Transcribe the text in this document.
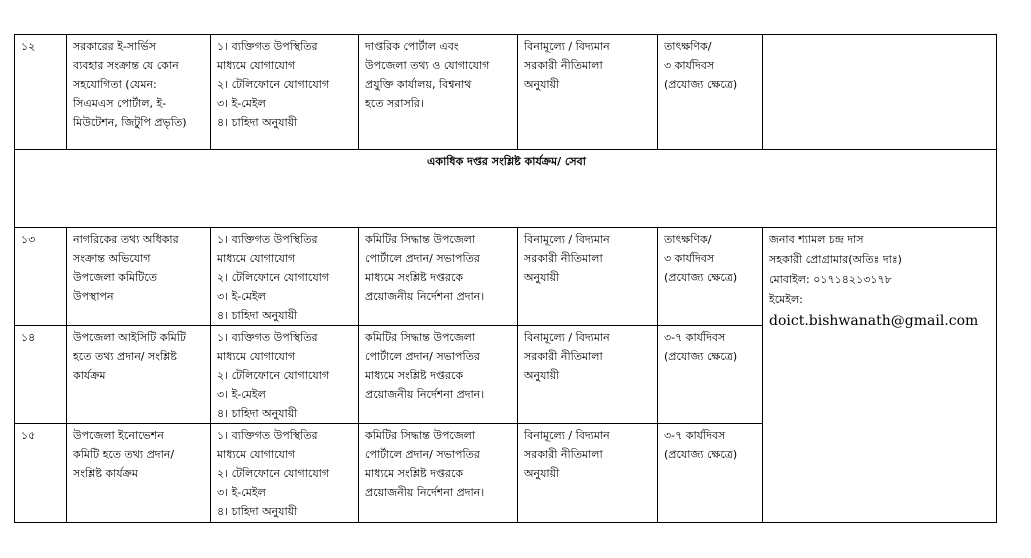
১২	সরকারের ই-সার্ভিস
ব্যবহার সংক্রান্ত যে কোন
সহযোগিতা (যেমন:
সিএমএস পোর্টাল, ই-
মিউটেশন, জিটুপি প্রভৃতি)	১। ব্যক্তিগত উপস্থিতির
মাধ্যমে যোগাযোগ
২। টেলিফোনে যোগাযোগ
৩। ই-মেইল
৪। চাহিদা অনুযায়ী	দাপ্তরিক পোর্টাল এবং
উপজেলা তথ্য ও যোগাযোগ
প্রযুক্তি কার্যালয়, বিশ্বনাথ
হতে সরাসরি।	বিনামূল্যে / বিদ্যমান
সরকারী নীতিমালা
অনুযায়ী	তাৎক্ষণিক/
৩ কার্যদিবস
(প্রযোজ্য ক্ষেত্রে)	

একাধিক দপ্তর সংশ্লিষ্ট কার্যক্রম/ সেবা						
১৩	নাগরিকের তথ্য অধিকার
সংক্রান্ত অভিযোগ
উপজেলা কমিটিতে
উপস্থাপন	১। ব্যক্তিগত উপস্থিতির
মাধ্যমে যোগাযোগ
২। টেলিফোনে যোগাযোগ
৩। ই-মেইল
৪। চাহিদা অনুযায়ী	কমিটির সিদ্ধান্ত উপজেলা
পোর্টালে প্রদান/ সভাপতির
মাধ্যমে সংশ্লিষ্ট দপ্তরকে
প্রয়োজনীয় নির্দেশনা প্রদান।	বিনামূল্যে / বিদ্যমান
সরকারী নীতিমালা
অনুযায়ী	তাৎক্ষণিক/
৩ কার্যদিবস
(প্রযোজ্য ক্ষেত্রে)	জনাব শ্যামল চন্দ্র দাস
সহকারী প্রোগ্রামার(অতিঃ দাঃ)
মোবাইল: ০১৭১৪২১৩১৭৮
ইমেইল:
doict.bishwanath@gmail.com

১৪	উপজেলা আইসিটি কমিটি
হতে তথ্য প্রদান/ সংশ্লিষ্ট
কার্যক্রম	১। ব্যক্তিগত উপস্থিতির
মাধ্যমে যোগাযোগ
২। টেলিফোনে যোগাযোগ
৩। ই-মেইল
৪। চাহিদা অনুযায়ী	কমিটির সিদ্ধান্ত উপজেলা
পোর্টালে প্রদান/ সভাপতির
মাধ্যমে সংশ্লিষ্ট দপ্তরকে
প্রয়োজনীয় নির্দেশনা প্রদান।	বিনামূল্যে / বিদ্যমান
সরকারী নীতিমালা
অনুযায়ী	৩-৭ কার্যদিবস
(প্রযোজ্য ক্ষেত্রে)	

১৫	উপজেলা ইনোভেশন
কমিটি হতে তথ্য প্রদান/
সংশ্লিষ্ট কার্যক্রম	১। ব্যক্তিগত উপস্থিতির
মাধ্যমে যোগাযোগ
২। টেলিফোনে যোগাযোগ
৩। ই-মেইল
৪। চাহিদা অনুযায়ী	কমিটির সিদ্ধান্ত উপজেলা
পোর্টালে প্রদান/ সভাপতির
মাধ্যমে সংশ্লিষ্ট দপ্তরকে
প্রয়োজনীয় নির্দেশনা প্রদান।	বিনামূল্যে / বিদ্যমান
সরকারী নীতিমালা
অনুযায়ী	৩-৭ কার্যদিবস
(প্রযোজ্য ক্ষেত্রে)	
